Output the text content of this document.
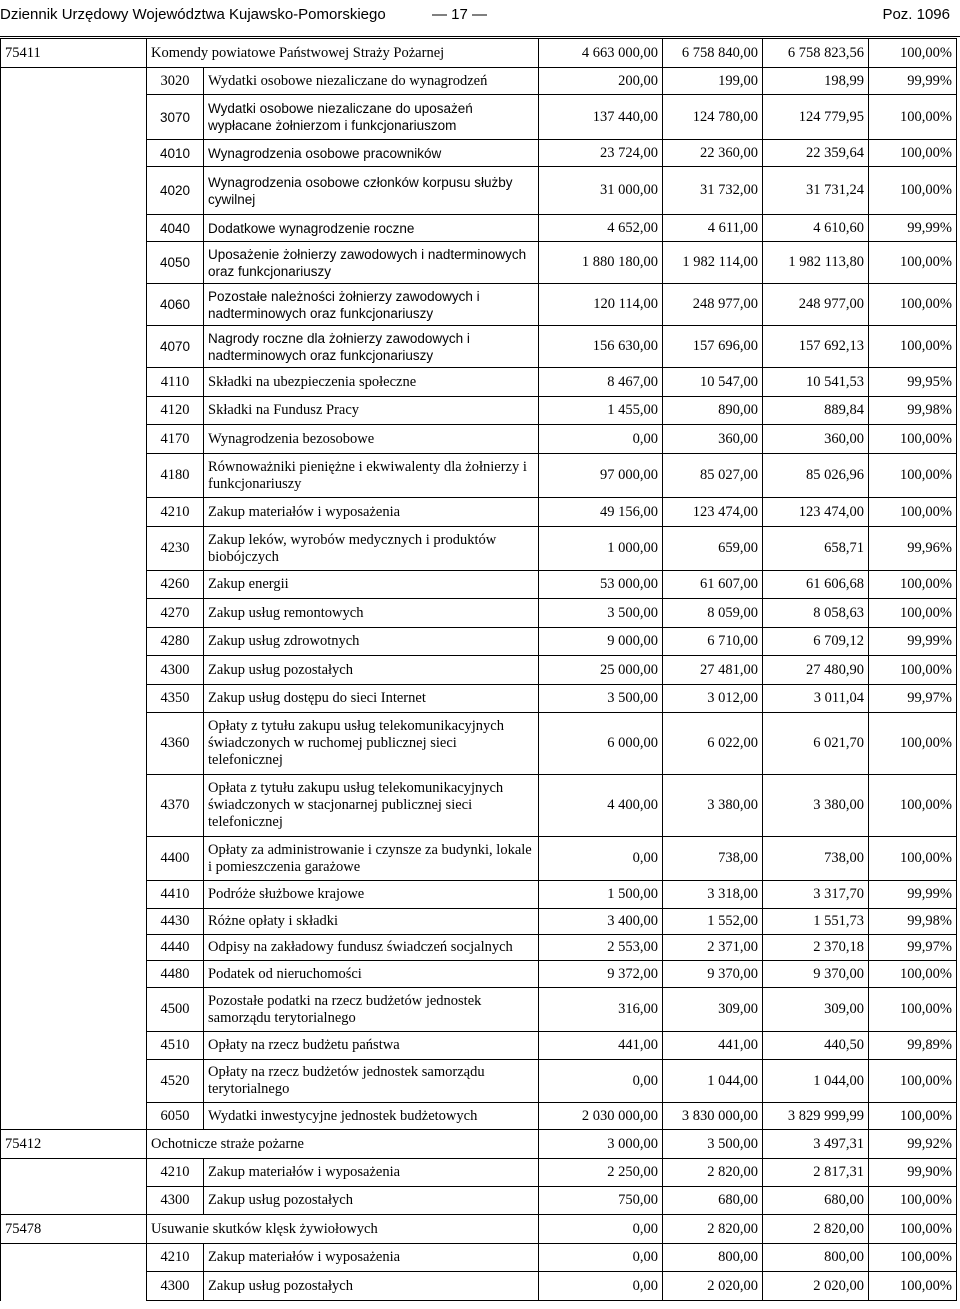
Dziennik Urzędowy Województwa Kujawsko-Pomorskiego	— 17 —	Poz. 1096
75411	Komendy powiatowe Państwowej Straży Pożarnej		4 663 000,00	6 758 840,00	6 758 823,56	100,00%
	3020	Wydatki osobowe niezaliczane do wynagrodzeń	200,00	199,00	198,99	99,99%
	3070	Wydatki osobowe niezaliczane do uposażeń wypłacane żołnierzom i funkcjonariuszom	137 440,00	124 780,00	124 779,95	100,00%
	4010	Wynagrodzenia osobowe pracowników	23 724,00	22 360,00	22 359,64	100,00%
	4020	Wynagrodzenia osobowe członków korpusu służby cywilnej	31 000,00	31 732,00	31 731,24	100,00%
	4040	Dodatkowe wynagrodzenie roczne	4 652,00	4 611,00	4 610,60	99,99%
	4050	Uposażenie żołnierzy zawodowych i nadterminowych oraz funkcjonariuszy	1 880 180,00	1 982 114,00	1 982 113,80	100,00%
	4060	Pozostałe należności żołnierzy zawodowych i nadterminowych oraz funkcjonariuszy	120 114,00	248 977,00	248 977,00	100,00%
	4070	Nagrody roczne dla żołnierzy zawodowych i nadterminowych oraz funkcjonariuszy	156 630,00	157 696,00	157 692,13	100,00%
	4110	Składki na ubezpieczenia społeczne	8 467,00	10 547,00	10 541,53	99,95%
	4120	Składki na Fundusz Pracy	1 455,00	890,00	889,84	99,98%
	4170	Wynagrodzenia bezosobowe	0,00	360,00	360,00	100,00%
	4180	Równoważniki pieniężne i ekwiwalenty dla żołnierzy i funkcjonariuszy	97 000,00	85 027,00	85 026,96	100,00%
	4210	Zakup materiałów i wyposażenia	49 156,00	123 474,00	123 474,00	100,00%
	4230	Zakup leków, wyrobów medycznych i produktów biobójczych	1 000,00	659,00	658,71	99,96%
	4260	Zakup energii	53 000,00	61 607,00	61 606,68	100,00%
	4270	Zakup usług remontowych	3 500,00	8 059,00	8 058,63	100,00%
	4280	Zakup usług zdrowotnych	9 000,00	6 710,00	6 709,12	99,99%
	4300	Zakup usług pozostałych	25 000,00	27 481,00	27 480,90	100,00%
	4350	Zakup usług dostępu do sieci Internet	3 500,00	3 012,00	3 011,04	99,97%
	4360	Opłaty z tytułu zakupu usług telekomunikacyjnych świadczonych w ruchomej publicznej sieci telefonicznej	6 000,00	6 022,00	6 021,70	100,00%
	4370	Opłata z tytułu zakupu usług telekomunikacyjnych świadczonych w stacjonarnej publicznej sieci telefonicznej	4 400,00	3 380,00	3 380,00	100,00%
	4400	Opłaty za administrowanie i czynsze za budynki, lokale i pomieszczenia garażowe	0,00	738,00	738,00	100,00%
	4410	Podróże służbowe krajowe	1 500,00	3 318,00	3 317,70	99,99%
	4430	Różne opłaty i składki	3 400,00	1 552,00	1 551,73	99,98%
	4440	Odpisy na zakładowy fundusz świadczeń socjalnych	2 553,00	2 371,00	2 370,18	99,97%
	4480	Podatek od nieruchomości	9 372,00	9 370,00	9 370,00	100,00%
	4500	Pozostałe podatki na rzecz budżetów jednostek samorządu terytorialnego	316,00	309,00	309,00	100,00%
	4510	Opłaty na rzecz budżetu państwa	441,00	441,00	440,50	99,89%
	4520	Opłaty na rzecz budżetów jednostek samorządu terytorialnego	0,00	1 044,00	1 044,00	100,00%
	6050	Wydatki inwestycyjne jednostek budżetowych	2 030 000,00	3 830 000,00	3 829 999,99	100,00%
75412	Ochotnicze straże pożarne		3 000,00	3 500,00	3 497,31	99,92%
	4210	Zakup materiałów i wyposażenia	2 250,00	2 820,00	2 817,31	99,90%
	4300	Zakup usług pozostałych	750,00	680,00	680,00	100,00%
75478	Usuwanie skutków klęsk żywiołowych		0,00	2 820,00	2 820,00	100,00%
	4210	Zakup materiałów i wyposażenia	0,00	800,00	800,00	100,00%
	4300	Zakup usług pozostałych	0,00	2 020,00	2 020,00	100,00%
